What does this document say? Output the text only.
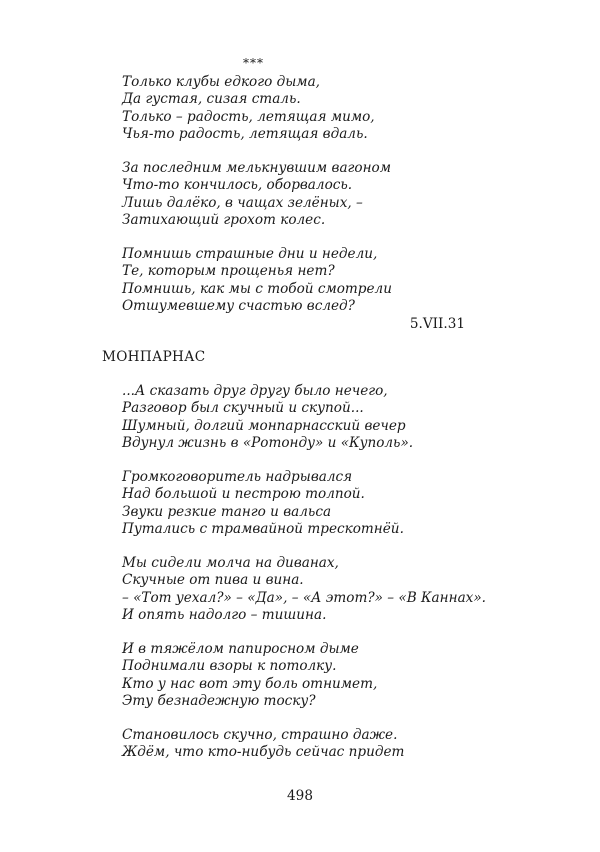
***
Только клубы едкого дыма,
Да густая, сизая сталь.
Только – радость, летящая мимо,
Чья-то радость, летящая вдаль.
За последним мелькнувшим вагоном
Что-то кончилось, оборвалось.
Лишь далёко, в чащах зелёных, –
Затихающий грохот колес.
Помнишь страшные дни и недели,
Те, которым прощенья нет?
Помнишь, как мы с тобой смотрели
Отшумевшему счастью вслед?
5.VII.31
МОНПАРНАС
...А сказать друг другу было нечего,
Разговор был скучный и скупой...
Шумный, долгий монпарнасский вечер
Вдунул жизнь в «Ротонду» и «Куполь».
Громкоговоритель надрывался
Над большой и пестрою толпой.
Звуки резкие танго и вальса
Путались с трамвайной трескотнёй.
Мы сидели молча на диванах,
Скучные от пива и вина.
– «Тот уехал?» – «Да», – «А этот?» – «В Каннах».
И опять надолго – тишина.
И в тяжёлом папиросном дыме
Поднимали взоры к потолку.
Кто у нас вот эту боль отнимет,
Эту безнадежную тоску?
Становилось скучно, страшно даже.
Ждём, что кто-нибудь сейчас придет
498
